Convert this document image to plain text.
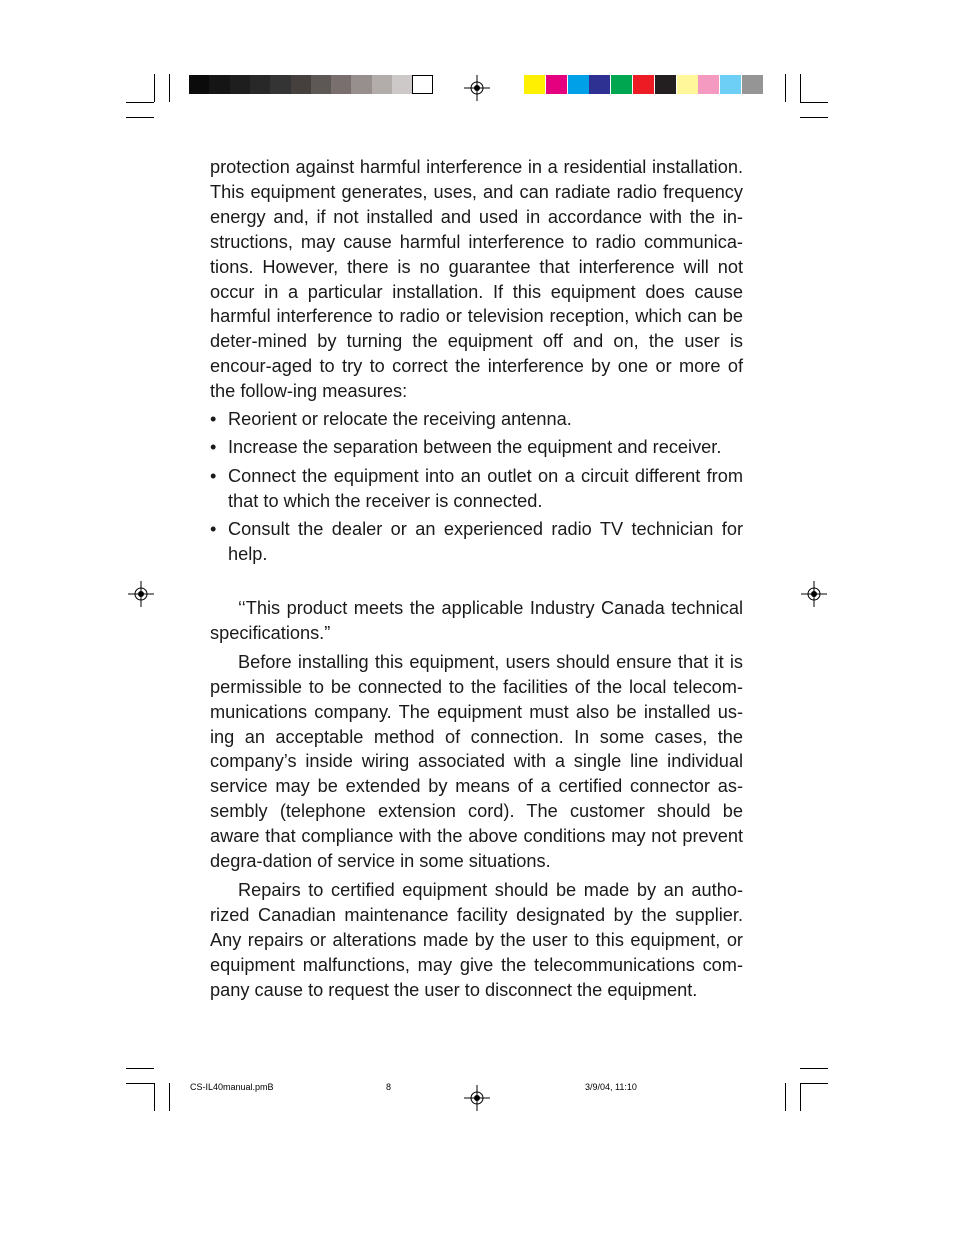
protection against harmful interference in a residential installation. This equipment generates, uses, and can radiate radio frequency energy and, if not installed and used in accordance with the in-structions, may cause harmful interference to radio communica-tions. However, there is no guarantee that interference will not occur in a particular installation. If this equipment does cause harmful interference to radio or television reception, which can be deter-mined by turning the equipment off and on, the user is encour-aged to try to correct the interference by one or more of the follow-ing measures:

• Reorient or relocate the receiving antenna.
• Increase the separation between the equipment and receiver.
• Connect the equipment into an outlet on a circuit different from that to which the receiver is connected.
• Consult the dealer or an experienced radio TV technician for help.

‘‘This product meets the applicable Industry Canada technical specifications.”

Before installing this equipment, users should ensure that it is permissible to be connected to the facilities of the local telecom-munications company. The equipment must also be installed us-ing an acceptable method of connection. In some cases, the company’s inside wiring associated with a single line individual service may be extended by means of a certified connector as-sembly (telephone extension cord). The customer should be aware that compliance with the above conditions may not prevent degra-dation of service in some situations.

Repairs to certified equipment should be made by an autho-rized Canadian maintenance facility designated by the supplier. Any repairs or alterations made by the user to this equipment, or equipment malfunctions, may give the telecommunications com-pany cause to request the user to disconnect the equipment.

CS-IL40manual.pmB	8	3/9/04, 11:10
